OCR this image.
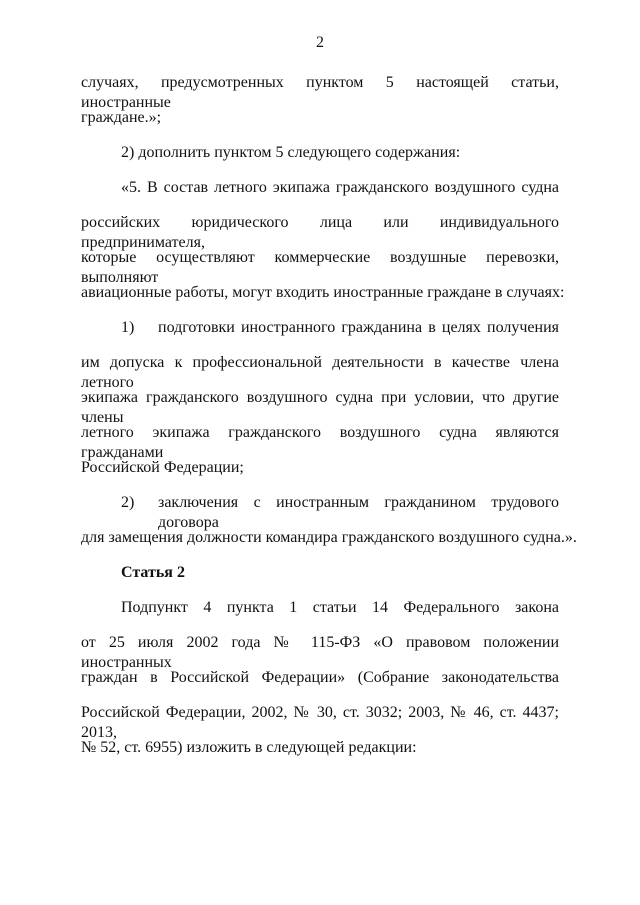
2
случаях, предусмотренных пунктом 5 настоящей статьи, иностранные
граждане.»;
2) дополнить пунктом 5 следующего содержания:
«5. В состав летного экипажа гражданского воздушного судна
российских юридического лица или индивидуального предпринимателя,
которые осуществляют коммерческие воздушные перевозки, выполняют
авиационные работы, могут входить иностранные граждане в случаях:
1) подготовки иностранного гражданина в целях получения
им допуска к профессиональной деятельности в качестве члена летного
экипажа гражданского воздушного судна при условии, что другие члены
летного экипажа гражданского воздушного судна являются гражданами
Российской Федерации;
2) заключения с иностранным гражданином трудового договора
для замещения должности командира гражданского воздушного судна.».
Статья 2
Подпункт 4 пункта 1 статьи 14 Федерального закона
от 25 июля 2002 года № 115-ФЗ «О правовом положении иностранных
граждан в Российской Федерации» (Собрание законодательства
Российской Федерации, 2002, № 30, ст. 3032; 2003, № 46, ст. 4437; 2013,
№ 52, ст. 6955) изложить в следующей редакции:
